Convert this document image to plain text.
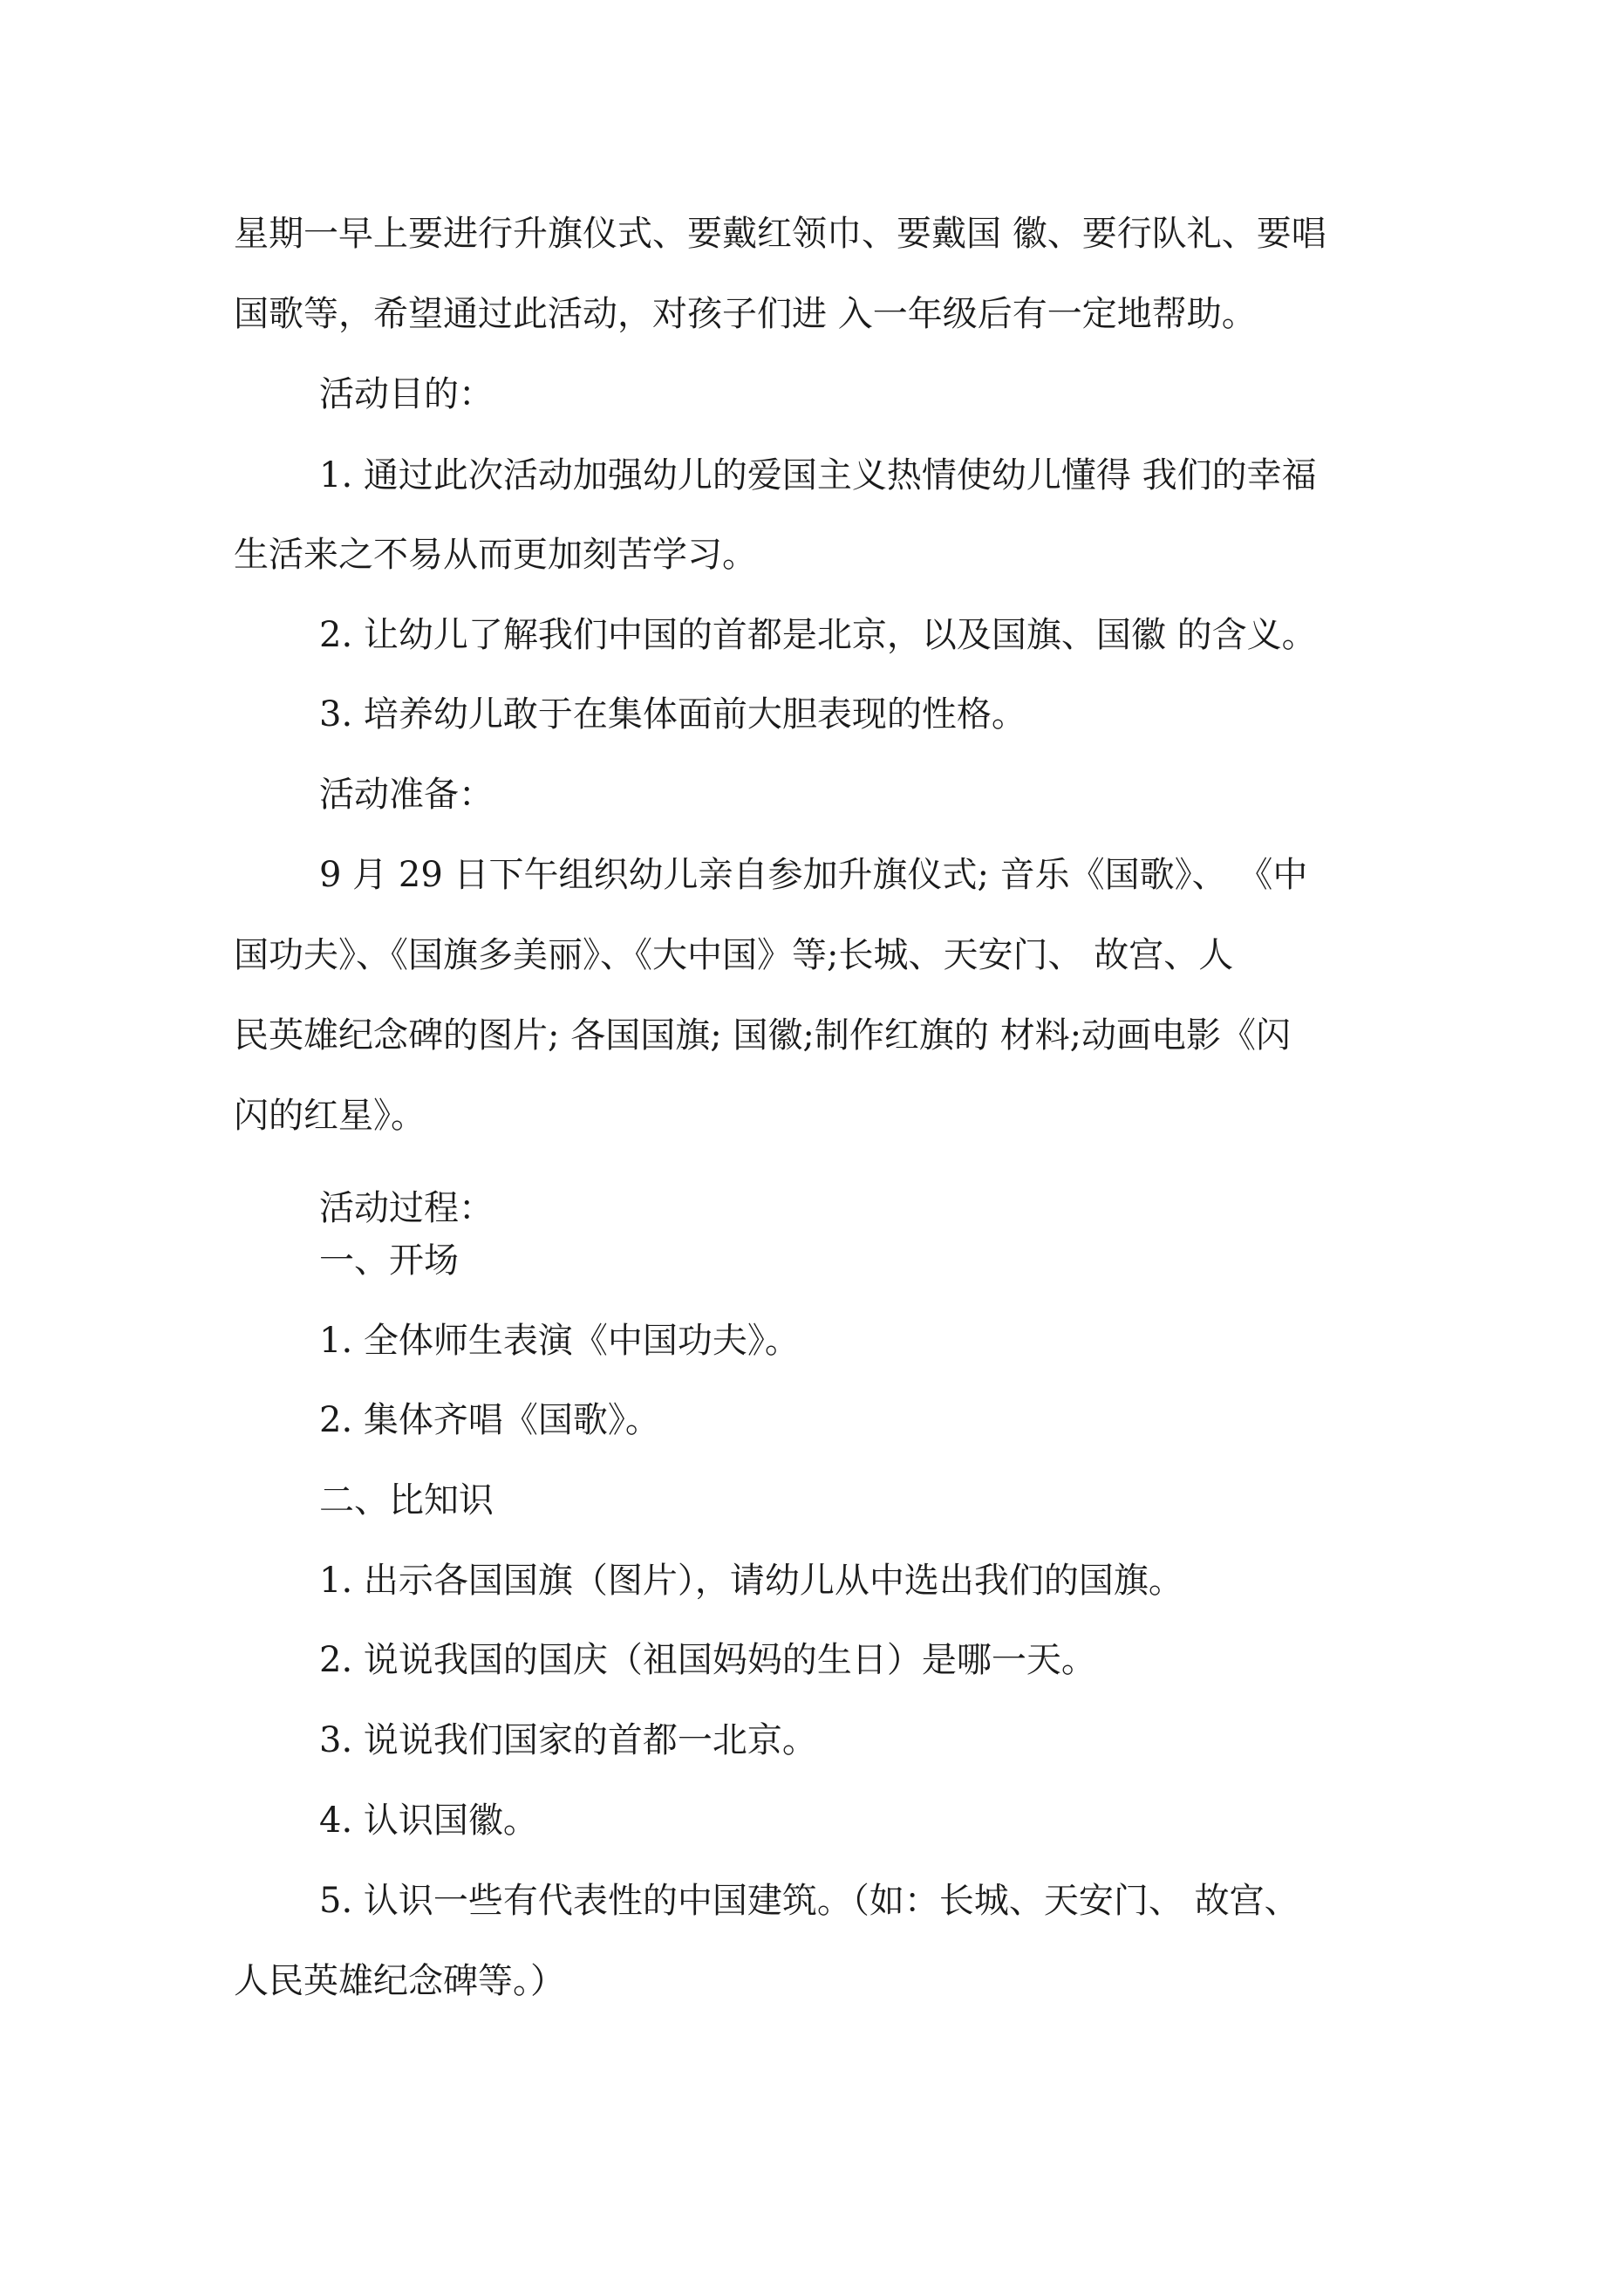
星期一早上要进行升旗仪式、要戴红领巾、要戴国 徽、要行队礼、要唱

国歌等，希望通过此活动，对孩子们进 入一年级后有一定地帮助。

活动目的：

1. 通过此次活动加强幼儿的爱国主义热情使幼儿懂得 我们的幸福

生活来之不易从而更加刻苦学习。

2. 让幼儿了解我们中国的首都是北京，以及国旗、国徽 的含义。

3. 培养幼儿敢于在集体面前大胆表现的性格。

活动准备：

9 月 29 日下午组织幼儿亲自参加升旗仪式; 音乐《国歌》、 《中

国功夫》、《国旗多美丽》、《大中国》等;长城、天安门、 故宫、人

民英雄纪念碑的图片; 各国国旗; 国徽;制作红旗的 材料;动画电影《闪

闪的红星》。

活动过程：

一、开场

1. 全体师生表演《中国功夫》。

2. 集体齐唱《国歌》。

二、比知识

1. 出示各国国旗（图片），请幼儿从中选出我们的国旗。

2. 说说我国的国庆（祖国妈妈的生日）是哪一天。

3. 说说我们国家的首都一北京。

4. 认识国徽。

5. 认识一些有代表性的中国建筑。（如：长城、天安门、 故宫、

人民英雄纪念碑等。）
